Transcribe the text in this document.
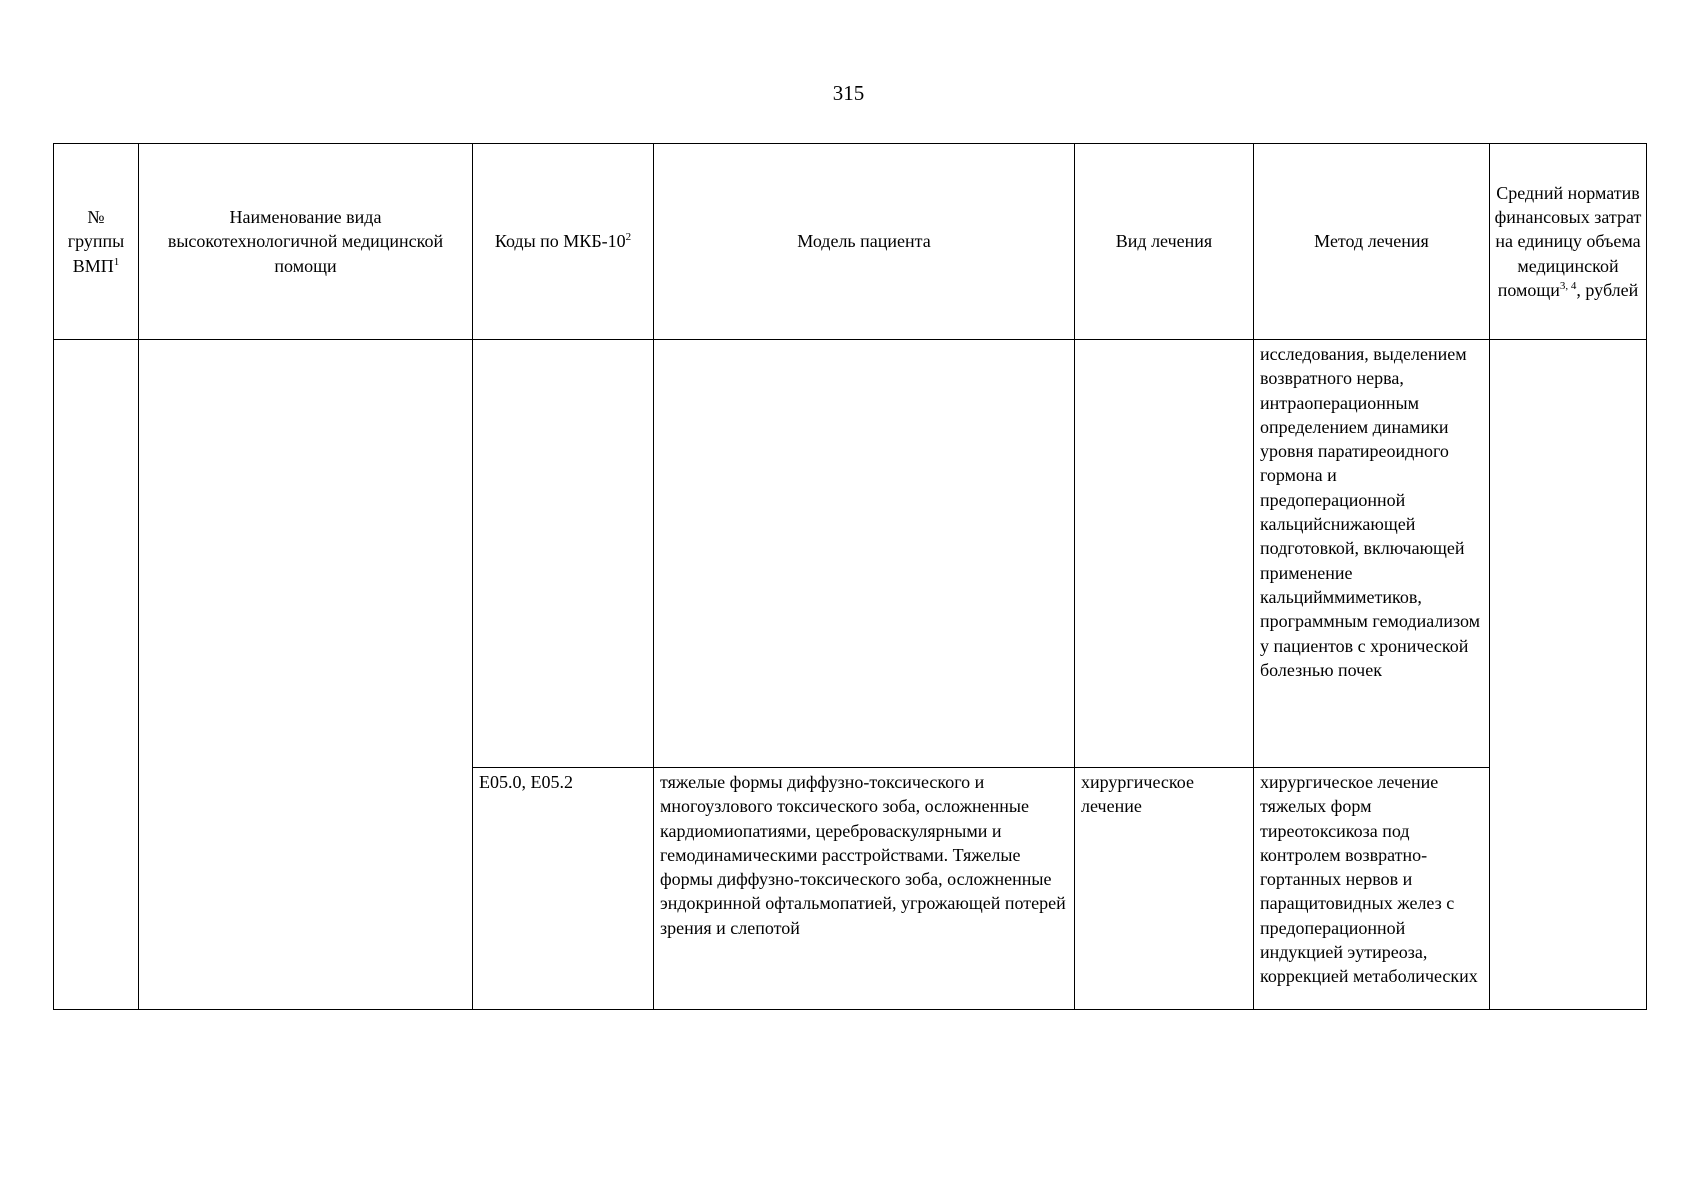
315
№ группы ВМП$^1$	Наименование вида высокотехнологичной медицинской помощи	Коды по МКБ-$10^2$	Модель пациента	Вид лечения	Метод лечения	Средний норматив финансовых затрат на единицу объема медицинской помощи$^{3, 4}$, рублей

					исследования, выделением возвратного нерва, интраоперационным определением динамики уровня паратиреоидного гормона и предоперационной кальцийснижающей подготовкой, включающей применение кальцийммиметиков, программным гемодиализом у пациентов с хронической болезнью почек	

		E05.0, E05.2	тяжелые формы диффузно-токсического и многоузлового токсического зоба, осложненные кардиомиопатиями, цереброваскулярными и гемодинамическими расстройствами. Тяжелые формы диффузно-токсического зоба, осложненные эндокринной офтальмопатией, угрожающей потерей зрения и слепотой	хирургическое лечение	хирургическое лечение тяжелых форм тиреотоксикоза под контролем возвратно-гортанных нервов и паращитовидных желез с предоперационной индукцией эутиреоза, коррекцией метаболических	
